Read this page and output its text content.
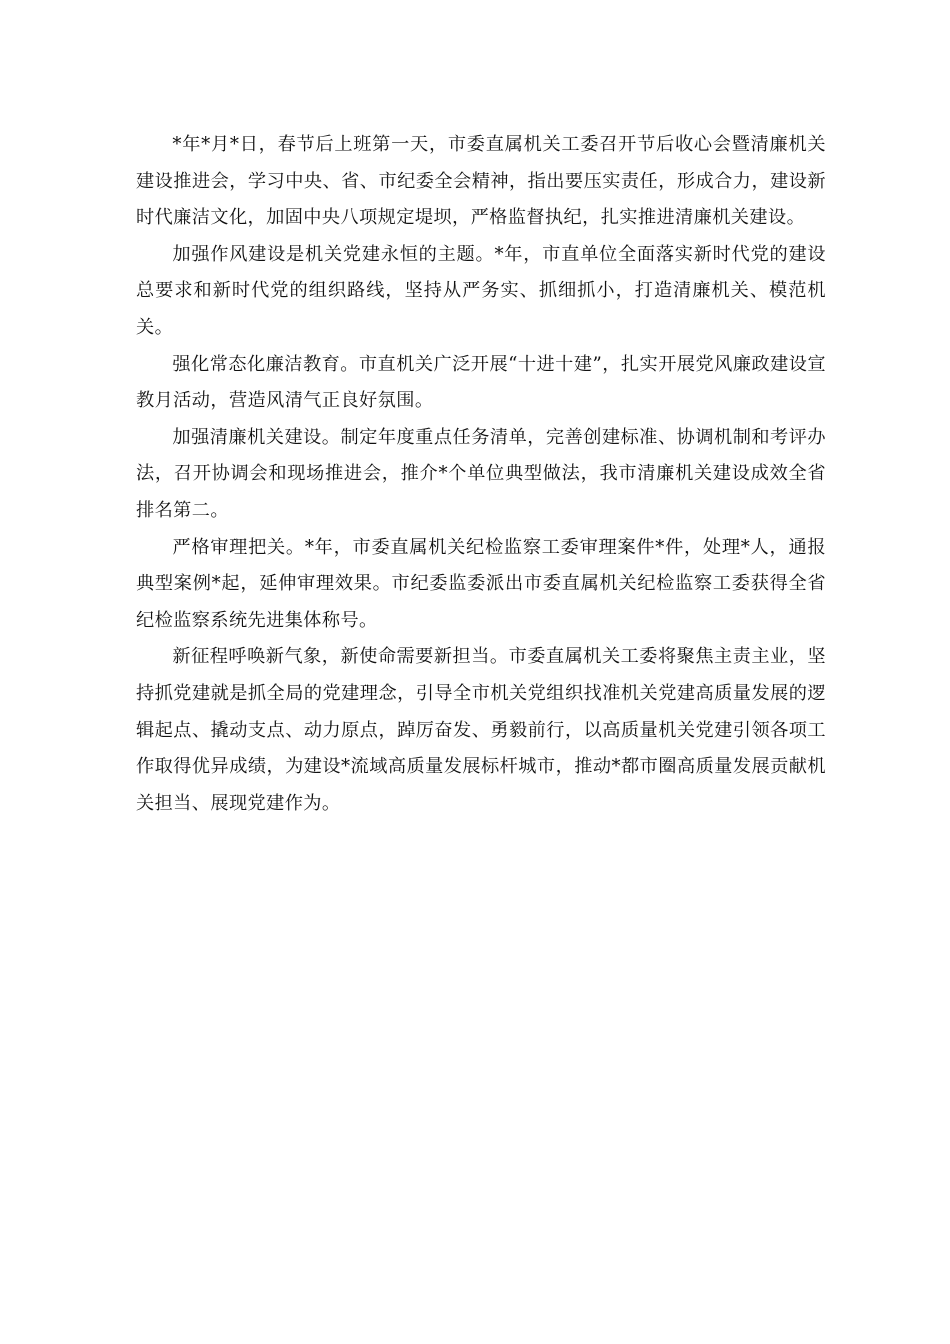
*年*月*日，春节后上班第一天，市委直属机关工委召开节后收心会暨清廉机关建设推进会，学习中央、省、市纪委全会精神，指出要压实责任，形成合力，建设新时代廉洁文化，加固中央八项规定堤坝，严格监督执纪，扎实推进清廉机关建设。

加强作风建设是机关党建永恒的主题。*年，市直单位全面落实新时代党的建设总要求和新时代党的组织路线，坚持从严务实、抓细抓小，打造清廉机关、模范机关。

强化常态化廉洁教育。市直机关广泛开展“十进十建”，扎实开展党风廉政建设宣教月活动，营造风清气正良好氛围。

加强清廉机关建设。制定年度重点任务清单，完善创建标准、协调机制和考评办法，召开协调会和现场推进会，推介*个单位典型做法，我市清廉机关建设成效全省排名第二。

严格审理把关。*年，市委直属机关纪检监察工委审理案件*件，处理*人，通报典型案例*起，延伸审理效果。市纪委监委派出市委直属机关纪检监察工委获得全省纪检监察系统先进集体称号。

新征程呼唤新气象，新使命需要新担当。市委直属机关工委将聚焦主责主业，坚持抓党建就是抓全局的党建理念，引导全市机关党组织找准机关党建高质量发展的逻辑起点、撬动支点、动力原点，踔厉奋发、勇毅前行，以高质量机关党建引领各项工作取得优异成绩，为建设*流域高质量发展标杆城市，推动*都市圈高质量发展贡献机关担当、展现党建作为。
